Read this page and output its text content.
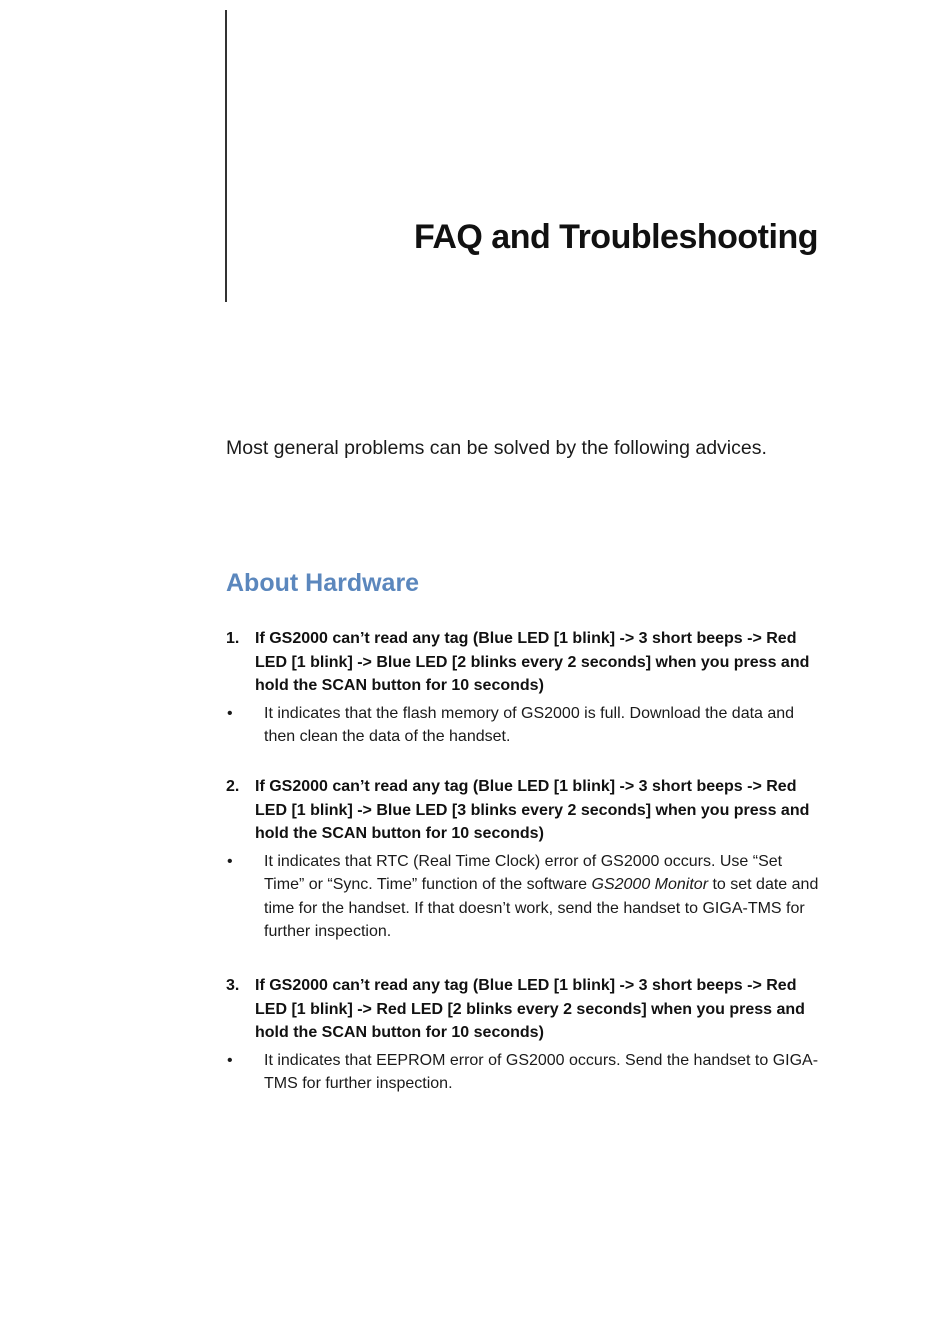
FAQ and Troubleshooting

Most general problems can be solved by the following advices.

About Hardware
1. If GS2000 can’t read any tag (Blue LED [1 blink] -> 3 short beeps -> Red LED [1 blink] -> Blue LED [2 blinks every 2 seconds] when you press and hold the SCAN button for 10 seconds)
• It indicates that the flash memory of GS2000 is full. Download the data and then clean the data of the handset.
2. If GS2000 can’t read any tag (Blue LED [1 blink] -> 3 short beeps -> Red LED [1 blink] -> Blue LED [3 blinks every 2 seconds] when you press and hold the SCAN button for 10 seconds)
• It indicates that RTC (Real Time Clock) error of GS2000 occurs. Use “Set Time” or “Sync. Time” function of the software GS2000 Monitor to set date and time for the handset. If that doesn’t work, send the handset to GIGA-TMS for further inspection.
3. If GS2000 can’t read any tag (Blue LED [1 blink] -> 3 short beeps -> Red LED [1 blink] -> Red LED [2 blinks every 2 seconds] when you press and hold the SCAN button for 10 seconds)
• It indicates that EEPROM error of GS2000 occurs. Send the handset to GIGA-TMS for further inspection.
